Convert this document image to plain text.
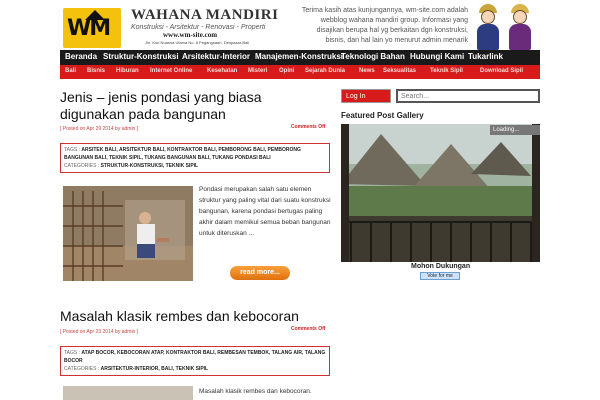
WM
WAHANA MANDIRI
Konstruksi - Arsitektur - Renovasi - Properti
www.wm-site.com
Jln. Kori Nuansa Utama No. 8 Pegangsaan, Denpasar-Bali
Terima kasih atas kunjungannya, wm-site.com adalah webblog wahana mandiri group. Informasi yang disajikan berupa hal yg berkaitan dgn konstruksi, bisnis, dan hal lain yo menurut admin menarik
Beranda Struktur-Konstruksi Arsitektur-Interior Manajemen-Konstruksi
Teknologi Bahan Hubungi Kami Tukarlink
Bali Bisnis Hiburan Internet Online Kesehatan Misteri Opini Sejarah Dunia News Seksualitas Teknik Sipil	Download Sipil
Jenis – jenis pondasi yang biasa digunakan pada bangunan
[ Posted on Apr 29 2014 by admin ]	Comments Off
TAGS : ARSITEK BALI, ARSITEKTUR BALI, KONTRAKTOR BALI, PEMBORONG BALI, PEMBORONG BANGUNAN BALI, TEKNIK SIPIL, TUKANG BANGUNAN BALI, TUKANG PONDASI BALI
CATEGORIES : STRUKTUR-KONSTRUKSI, TEKNIK SIPIL
Pondasi merupakan salah satu elemen struktur yang paling vital dari suatu konstruksi bangunan, karena pondasi bertugas paling akhir dalam memikul semua beban bangunan untuk diteruskan ...
read more...
Masalah klasik rembes dan kebocoran
[ Posted on Apr 23 2014 by admin ]	Comments Off
TAGS : ATAP BOCOR, KEBOCORAN ATAP, KONTRAKTOR BALI, REMBESAN TEMBOK, TALANG AIR, TALANG BOCOR
CATEGORIES : ARSITEKTUR-INTERIOR, BALI, TEKNIK SIPIL
Masalah klasik rembes dan kebocoran.
Log In
Search...
Featured Post Gallery
Loading...
Mohon Dukungan
Vote for me
